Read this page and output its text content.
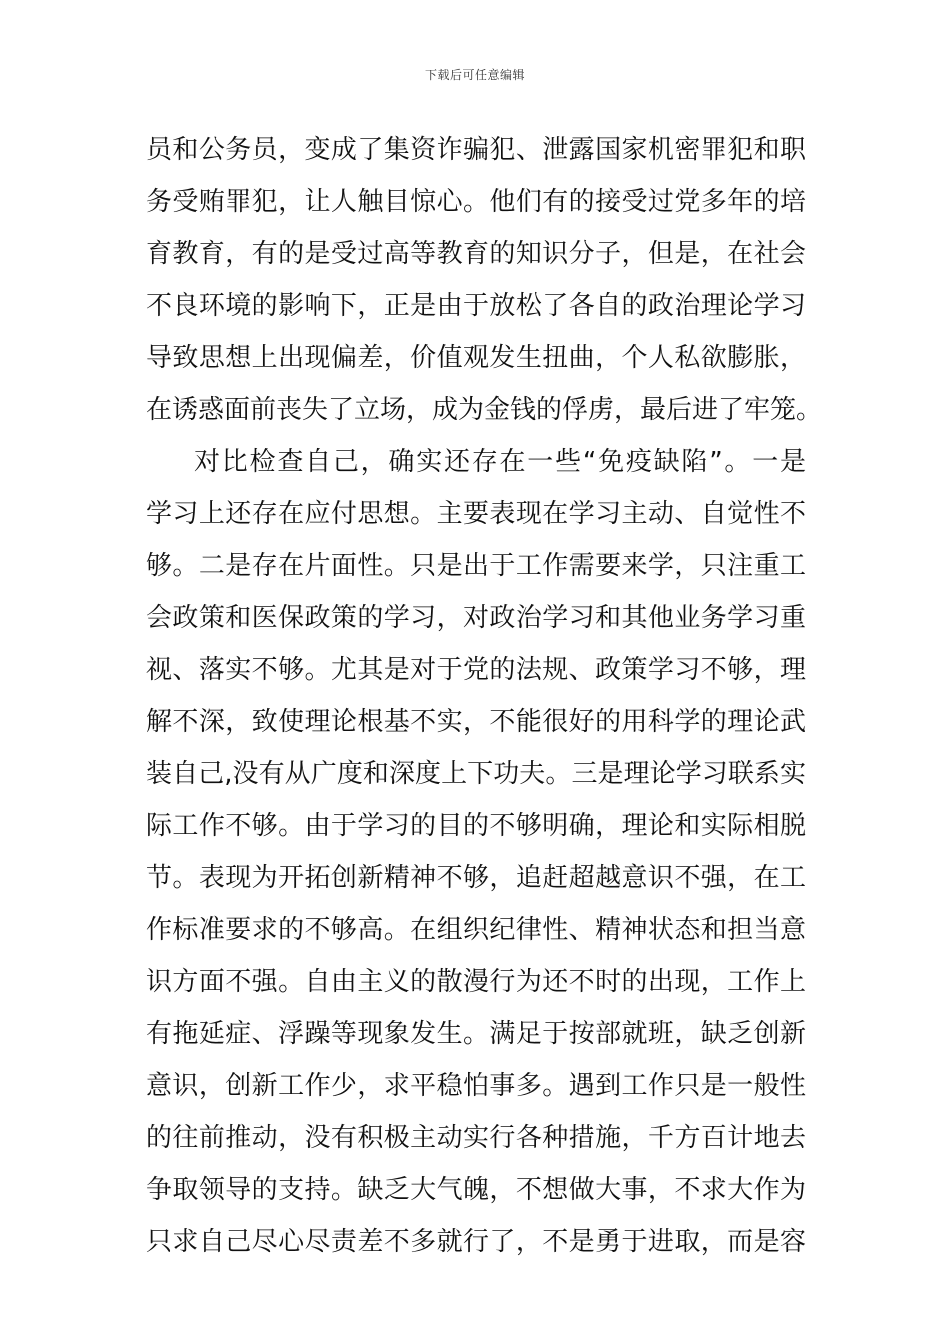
下载后可任意编辑
员和公务员，变成了集资诈骗犯、泄露国家机密罪犯和职
务受贿罪犯，让人触目惊心。他们有的接受过党多年的培
育教育，有的是受过高等教育的知识分子，但是，在社会
不良环境的影响下，正是由于放松了各自的政治理论学习
导致思想上出现偏差，价值观发生扭曲，个人私欲膨胀，
在诱惑面前丧失了立场，成为金钱的俘虏，最后进了牢笼。
对比检查自己，确实还存在一些“免疫缺陷”。一是
学习上还存在应付思想。主要表现在学习主动、自觉性不
够。二是存在片面性。只是出于工作需要来学，只注重工
会政策和医保政策的学习，对政治学习和其他业务学习重
视、落实不够。尤其是对于党的法规、政策学习不够，理
解不深，致使理论根基不实，不能很好的用科学的理论武
装自己,没有从广度和深度上下功夫。三是理论学习联系实
际工作不够。由于学习的目的不够明确，理论和实际相脱
节。表现为开拓创新精神不够，追赶超越意识不强，在工
作标准要求的不够高。在组织纪律性、精神状态和担当意
识方面不强。自由主义的散漫行为还不时的出现，工作上
有拖延症、浮躁等现象发生。满足于按部就班，缺乏创新
意识，创新工作少，求平稳怕事多。遇到工作只是一般性
的往前推动，没有积极主动实行各种措施，千方百计地去
争取领导的支持。缺乏大气魄，不想做大事，不求大作为
只求自己尽心尽责差不多就行了，不是勇于进取，而是容
